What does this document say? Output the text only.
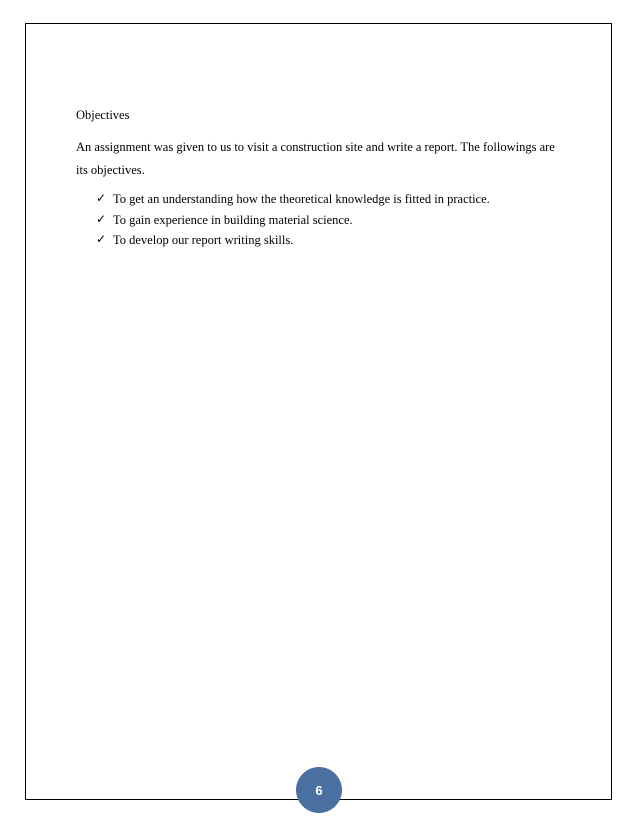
Objectives

An assignment was given to us to visit a construction site and write a report. The followings are its objectives.

✓ To get an understanding how the theoretical knowledge is fitted in practice.
✓ To gain experience in building material science.
✓ To develop our report writing skills.
6
